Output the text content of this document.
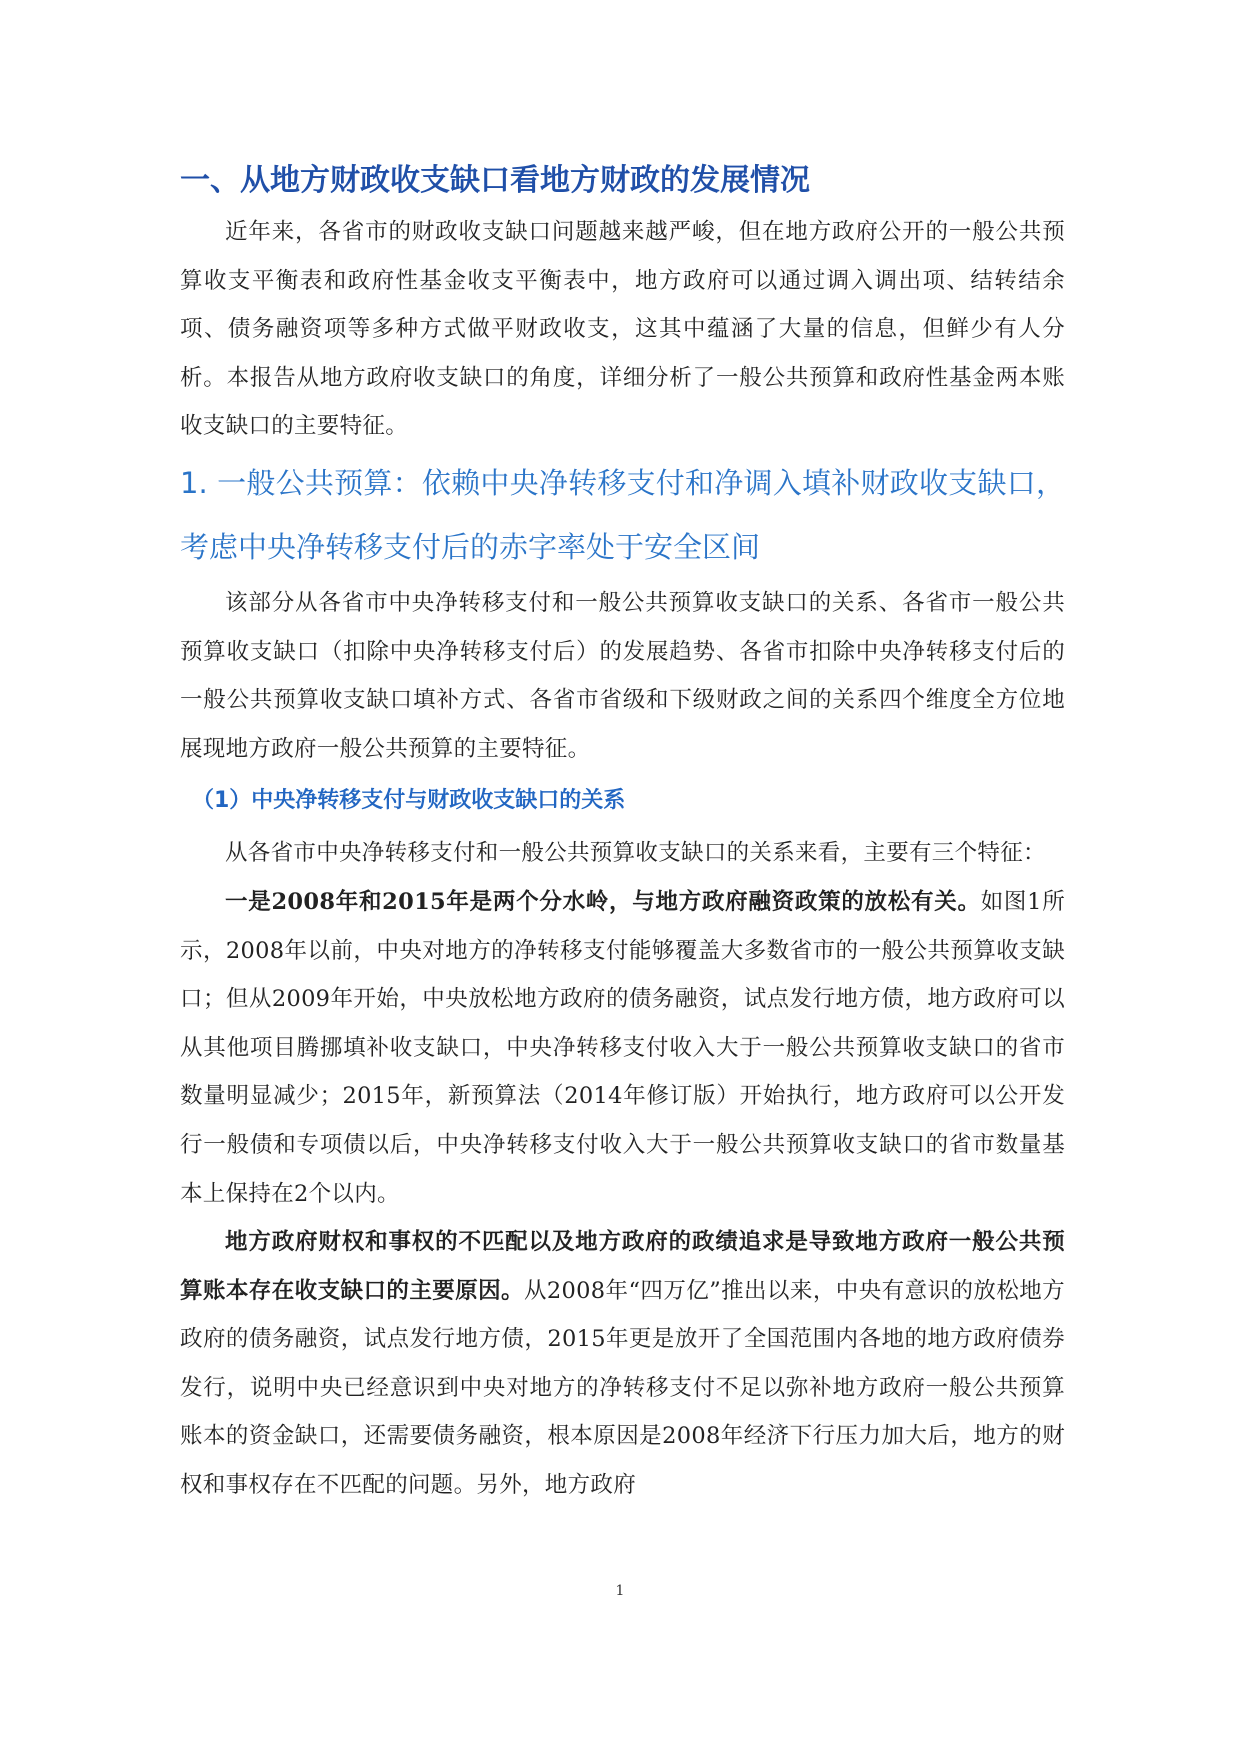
一、从地方财政收支缺口看地方财政的发展情况

近年来，各省市的财政收支缺口问题越来越严峻，但在地方政府公开的一般公共预算收支平衡表和政府性基金收支平衡表中，地方政府可以通过调入调出项、结转结余项、债务融资项等多种方式做平财政收支，这其中蕴涵了大量的信息，但鲜少有人分析。本报告从地方政府收支缺口的角度，详细分析了一般公共预算和政府性基金两本账收支缺口的主要特征。

1. 一般公共预算：依赖中央净转移支付和净调入填补财政收支缺口，考虑中央净转移支付后的赤字率处于安全区间

该部分从各省市中央净转移支付和一般公共预算收支缺口的关系、各省市一般公共预算收支缺口（扣除中央净转移支付后）的发展趋势、各省市扣除中央净转移支付后的一般公共预算收支缺口填补方式、各省市省级和下级财政之间的关系四个维度全方位地展现地方政府一般公共预算的主要特征。

（1）中央净转移支付与财政收支缺口的关系

从各省市中央净转移支付和一般公共预算收支缺口的关系来看，主要有三个特征：

一是2008年和2015年是两个分水岭，与地方政府融资政策的放松有关。如图1所示，2008年以前，中央对地方的净转移支付能够覆盖大多数省市的一般公共预算收支缺口；但从2009年开始，中央放松地方政府的债务融资，试点发行地方债，地方政府可以从其他项目腾挪填补收支缺口，中央净转移支付收入大于一般公共预算收支缺口的省市数量明显减少；2015年，新预算法（2014年修订版）开始执行，地方政府可以公开发行一般债和专项债以后，中央净转移支付收入大于一般公共预算收支缺口的省市数量基本上保持在2个以内。

地方政府财权和事权的不匹配以及地方政府的政绩追求是导致地方政府一般公共预算账本存在收支缺口的主要原因。从2008年“四万亿”推出以来，中央有意识的放松地方政府的债务融资，试点发行地方债，2015年更是放开了全国范围内各地的地方政府债券发行，说明中央已经意识到中央对地方的净转移支付不足以弥补地方政府一般公共预算账本的资金缺口，还需要债务融资，根本原因是2008年经济下行压力加大后，地方的财权和事权存在不匹配的问题。另外，地方政府

1
